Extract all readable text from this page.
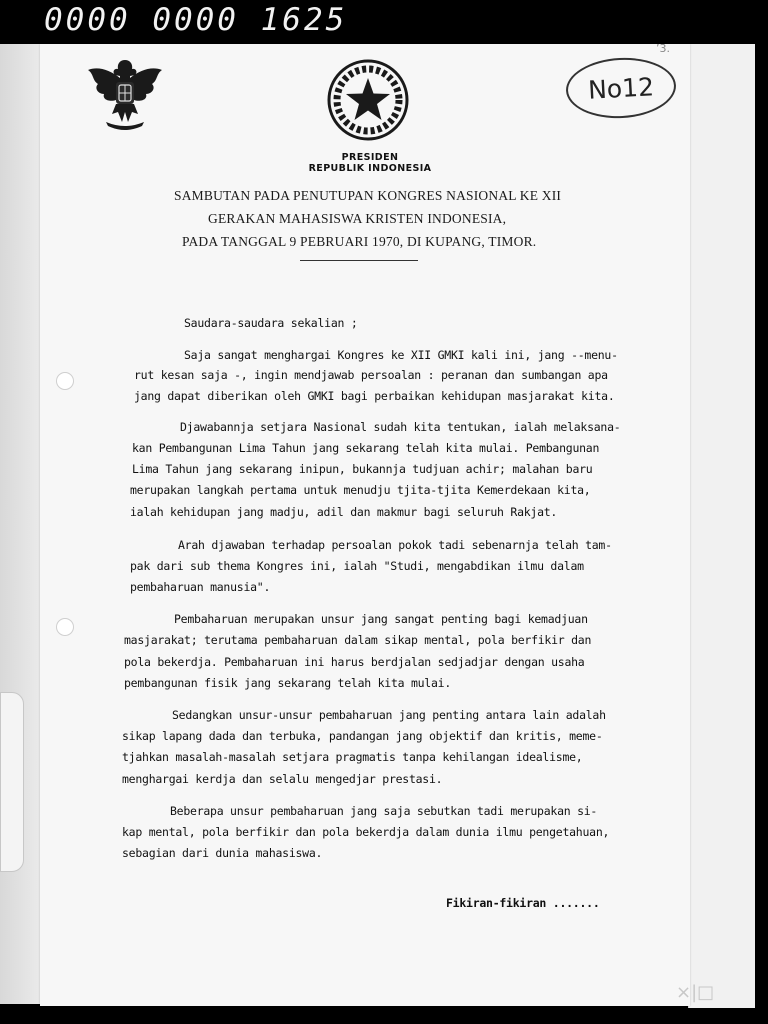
0000 0000 1625
No12
ʼ3.
PRESIDEN
REPUBLIK INDONESIA
SAMBUTAN PADA PENUTUPAN KONGRES NASIONAL KE XII
GERAKAN MAHASISWA KRISTEN INDONESIA,
PADA TANGGAL 9 PEBRUARI 1970, DI KUPANG, TIMOR.
Saudara-saudara sekalian ;
Saja sangat menghargai Kongres ke XII GMKI kali ini, jang --menu-
rut kesan saja -, ingin mendjawab persoalan : peranan dan sumbangan apa
jang dapat diberikan oleh GMKI bagi perbaikan kehidupan masjarakat kita.
Djawabannja setjara Nasional sudah kita tentukan, ialah melaksana-
kan Pembangunan Lima Tahun jang sekarang telah kita mulai. Pembangunan
Lima Tahun jang sekarang inipun, bukannja tudjuan achir; malahan baru
merupakan langkah pertama untuk menudju tjita-tjita Kemerdekaan kita,
ialah kehidupan jang madju, adil dan makmur bagi seluruh Rakjat.
Arah djawaban terhadap persoalan pokok tadi sebenarnja telah tam-
pak dari sub thema Kongres ini, ialah "Studi, mengabdikan ilmu dalam
pembaharuan manusia".
Pembaharuan merupakan unsur jang sangat penting bagi kemadjuan
masjarakat; terutama pembaharuan dalam sikap mental, pola berfikir dan
pola bekerdja. Pembaharuan ini harus berdjalan sedjadjar dengan usaha
pembangunan fisik jang sekarang telah kita mulai.
Sedangkan unsur-unsur pembaharuan jang penting antara lain adalah
sikap lapang dada dan terbuka, pandangan jang objektif dan kritis, meme-
tjahkan masalah-masalah setjara pragmatis tanpa kehilangan idealisme,
menghargai kerdja dan selalu mengedjar prestasi.
Beberapa unsur pembaharuan jang saja sebutkan tadi merupakan si-
kap mental, pola berfikir dan pola bekerdja dalam dunia ilmu pengetahuan,
sebagian dari dunia mahasiswa.
Fikiran-fikiran .......
×|□
